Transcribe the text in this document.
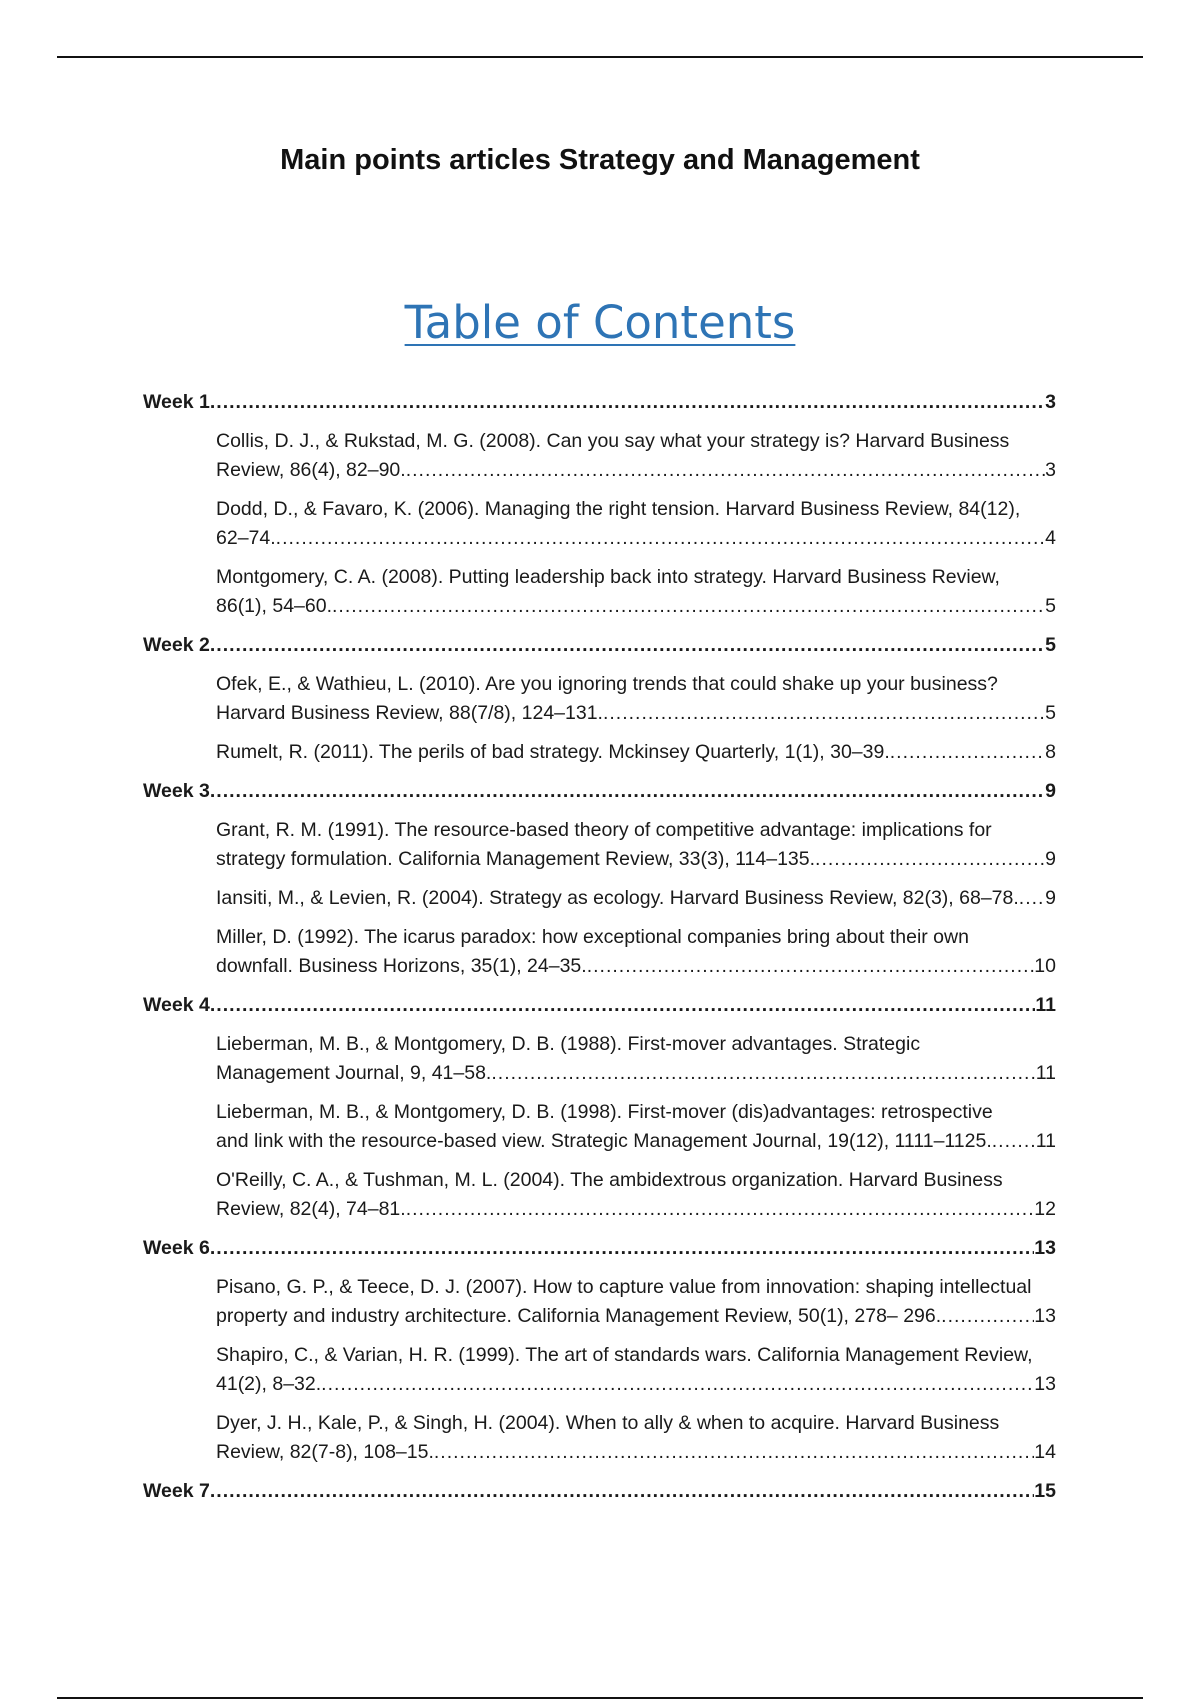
Main points articles Strategy and Management
Table of Contents
Week 1 .....	3
Collis, D. J., & Rukstad, M. G. (2008). Can you say what your strategy is? Harvard Business
Review, 86(4), 82–90. .....	3
Dodd, D., & Favaro, K. (2006). Managing the right tension. Harvard Business Review, 84(12),
62–74. .....	4
Montgomery, C. A. (2008). Putting leadership back into strategy. Harvard Business Review,
86(1), 54–60. .....	5
Week 2 .....	5
Ofek, E., & Wathieu, L. (2010). Are you ignoring trends that could shake up your business?
Harvard Business Review, 88(7/8), 124–131. .....	5
Rumelt, R. (2011). The perils of bad strategy. Mckinsey Quarterly, 1(1), 30–39. .....	8
Week 3 .....	9
Grant, R. M. (1991). The resource-based theory of competitive advantage: implications for
strategy formulation. California Management Review, 33(3), 114–135. .....	9
Iansiti, M., & Levien, R. (2004). Strategy as ecology. Harvard Business Review, 82(3), 68–78. ..... 9
Miller, D. (1992). The icarus paradox: how exceptional companies bring about their own
downfall. Business Horizons, 35(1), 24–35. .....	10
Week 4 .....	11
Lieberman, M. B., & Montgomery, D. B. (1988). First-mover advantages. Strategic
Management Journal, 9, 41–58. .....	11
Lieberman, M. B., & Montgomery, D. B. (1998). First-mover (dis)advantages: retrospective
and link with the resource-based view. Strategic Management Journal, 19(12), 1111–1125. ..... 11
O'Reilly, C. A., & Tushman, M. L. (2004). The ambidextrous organization. Harvard Business
Review, 82(4), 74–81. .....	12
Week 6 .....	13
Pisano, G. P., & Teece, D. J. (2007). How to capture value from innovation: shaping intellectual
property and industry architecture. California Management Review, 50(1), 278– 296. .....	13
Shapiro, C., & Varian, H. R. (1999). The art of standards wars. California Management Review,
41(2), 8–32. .....	13
Dyer, J. H., Kale, P., & Singh, H. (2004). When to ally & when to acquire. Harvard Business
Review, 82(7-8), 108–15. .....	14
Week 7 .....	15
